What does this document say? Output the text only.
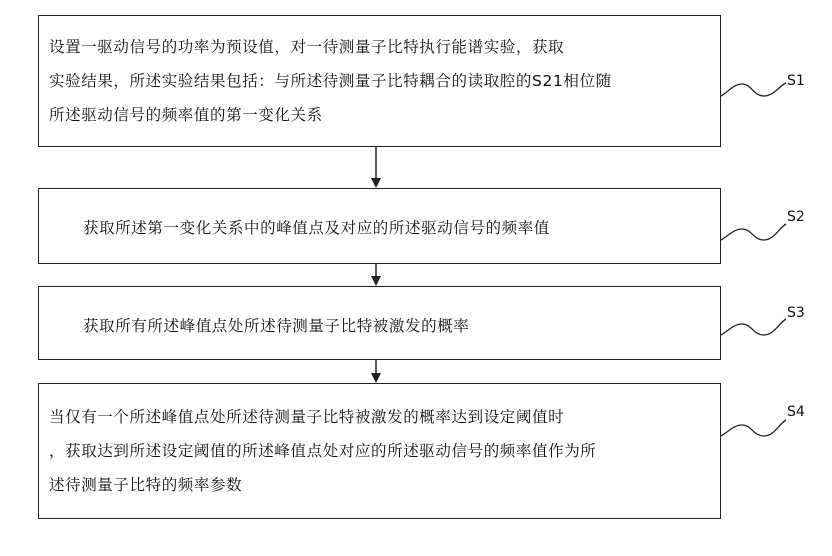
设置一驱动信号的功率为预设值，对一待测量子比特执行能谱实验，获取
实验结果，所述实验结果包括：与所述待测量子比特耦合的读取腔的S21相位随
所述驱动信号的频率值的第一变化关系

S1

获取所述第一变化关系中的峰值点及对应的所述驱动信号的频率值

S2

获取所有所述峰值点处所述待测量子比特被激发的概率

S3

当仅有一个所述峰值点处所述待测量子比特被激发的概率达到设定阈值时
，获取达到所述设定阈值的所述峰值点处对应的所述驱动信号的频率值作为所
述待测量子比特的频率参数

S4
